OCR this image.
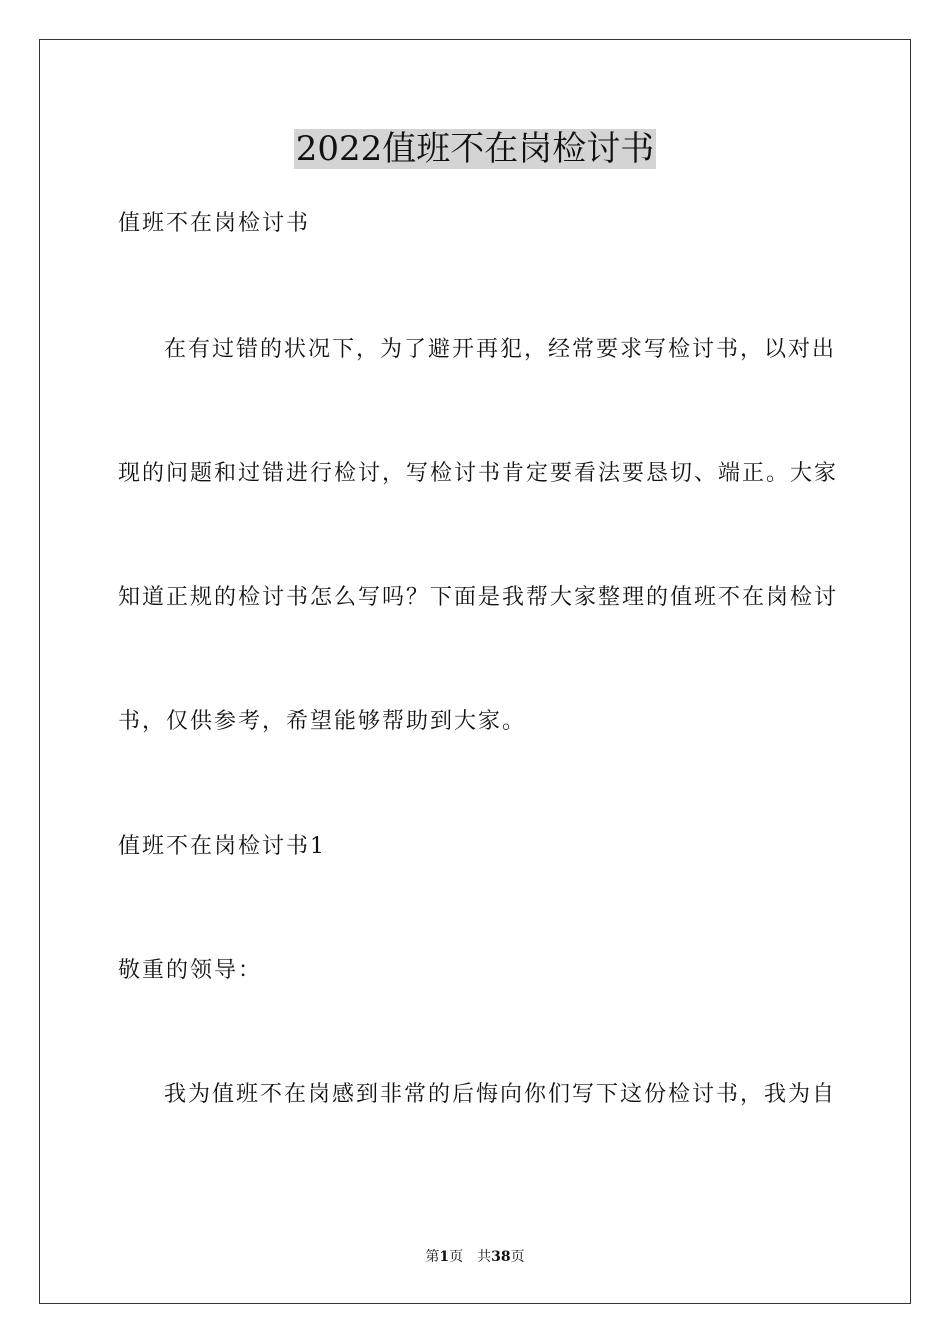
2022值班不在岗检讨书

值班不在岗检讨书

在有过错的状况下，为了避开再犯，经常要求写检讨书，以对出

现的问题和过错进行检讨，写检讨书肯定要看法要恳切、端正。大家

知道正规的检讨书怎么写吗？下面是我帮大家整理的值班不在岗检讨

书，仅供参考，希望能够帮助到大家。

值班不在岗检讨书1

敬重的领导：

我为值班不在岗感到非常的后悔向你们写下这份检讨书，我为自

第1页　共38页
